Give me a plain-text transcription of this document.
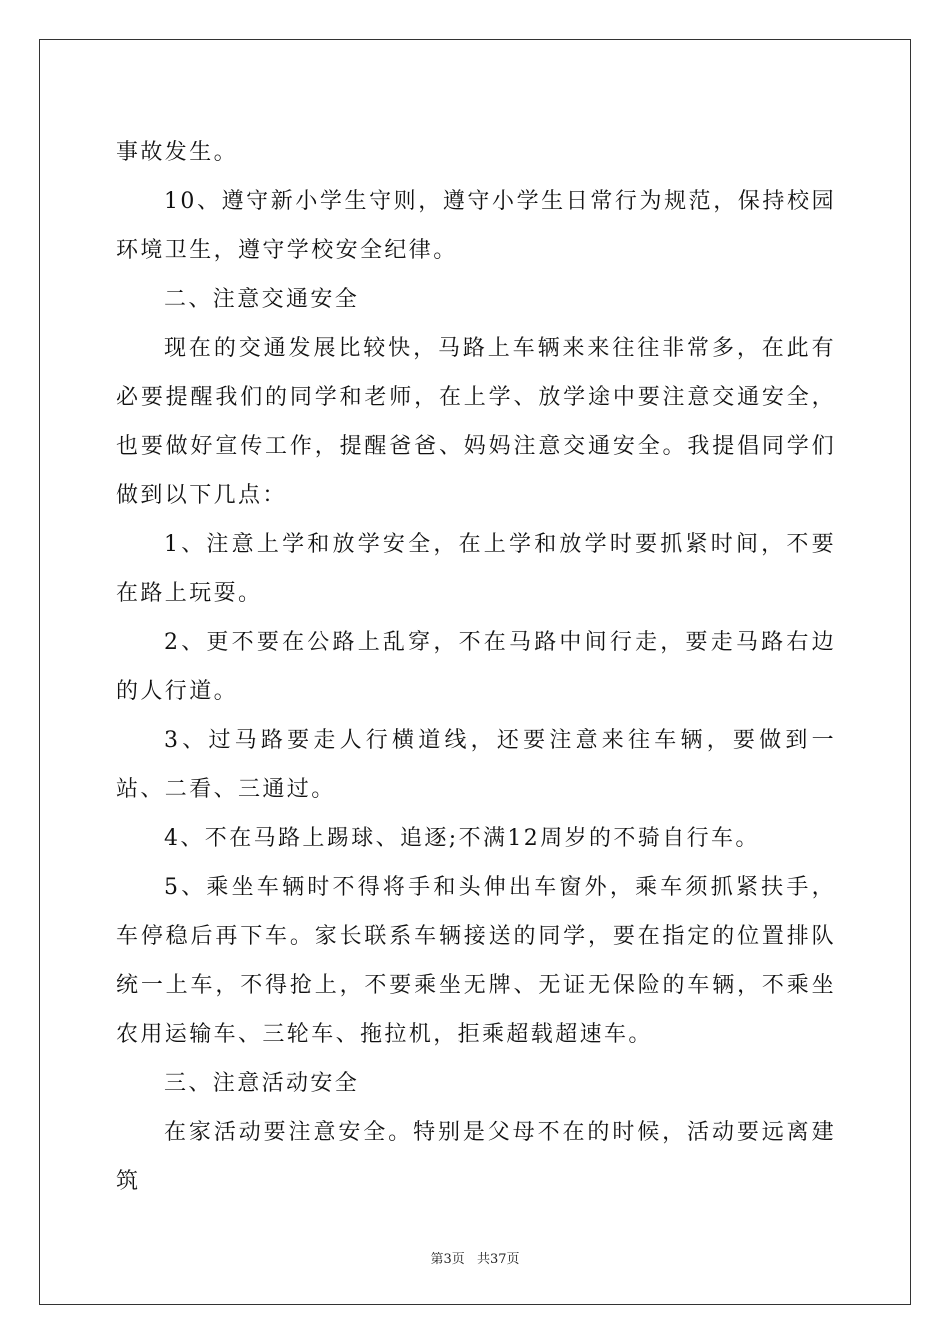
事故发生。

10、遵守新小学生守则，遵守小学生日常行为规范，保持校园环境卫生，遵守学校安全纪律。

二、注意交通安全

现在的交通发展比较快，马路上车辆来来往往非常多，在此有必要提醒我们的同学和老师，在上学、放学途中要注意交通安全，也要做好宣传工作，提醒爸爸、妈妈注意交通安全。我提倡同学们做到以下几点：

1、注意上学和放学安全，在上学和放学时要抓紧时间，不要在路上玩耍。

2、更不要在公路上乱穿，不在马路中间行走，要走马路右边的人行道。

3、过马路要走人行横道线，还要注意来往车辆，要做到一站、二看、三通过。

4、不在马路上踢球、追逐;不满12周岁的不骑自行车。

5、乘坐车辆时不得将手和头伸出车窗外，乘车须抓紧扶手，车停稳后再下车。家长联系车辆接送的同学，要在指定的位置排队统一上车，不得抢上，不要乘坐无牌、无证无保险的车辆，不乘坐农用运输车、三轮车、拖拉机，拒乘超载超速车。

三、注意活动安全

在家活动要注意安全。特别是父母不在的时候，活动要远离建筑

第3页 共37页
